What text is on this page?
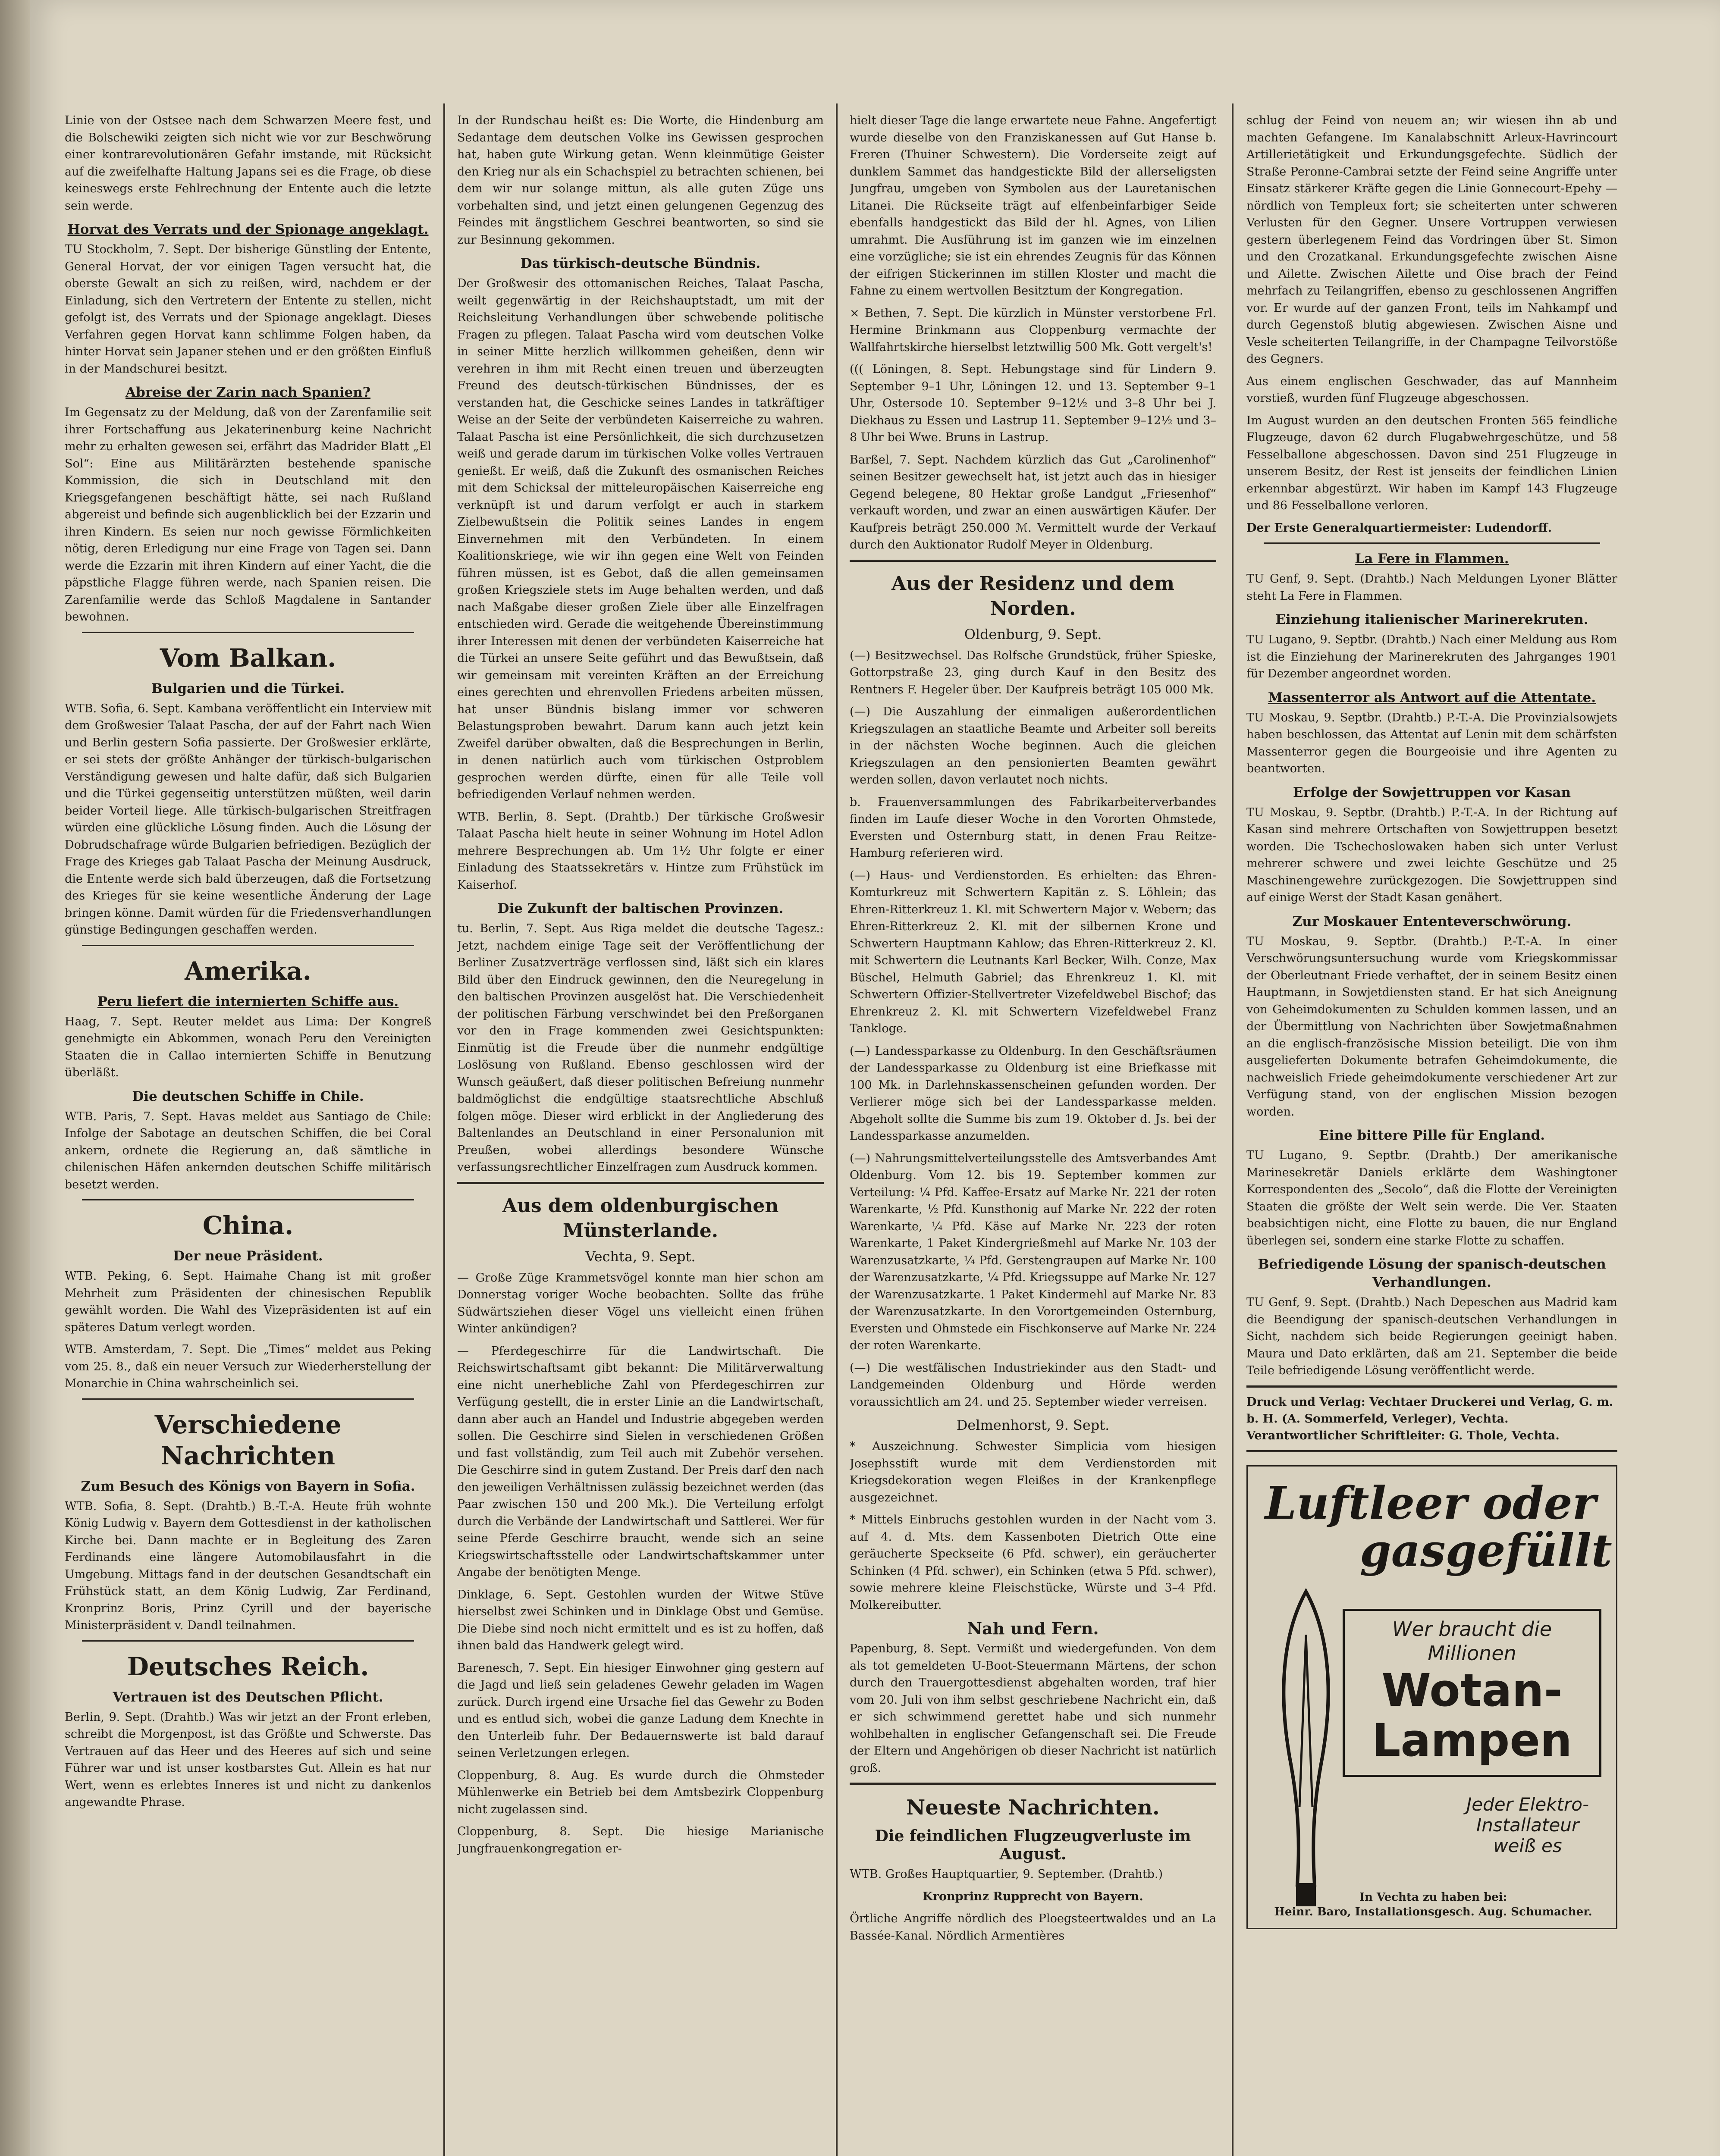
Linie von der Ostsee nach dem Schwarzen Meere fest, und die Bolschewiki zeigten sich nicht wie vor zur Beschwörung einer kontrarevolutionären Gefahr imstande, mit Rücksicht auf die zweifelhafte Haltung Japans sei es die Frage, ob diese keineswegs erste Fehlrechnung der Entente auch die letzte sein werde.

Horvat des Verrats und der Spionage angeklagt.

TU Stockholm, 7. Sept. Der bisherige Günstling der Entente, General Horvat, der vor einigen Tagen versucht hat, die oberste Gewalt an sich zu reißen, wird, nachdem er der Einladung, sich den Vertretern der Entente zu stellen, nicht gefolgt ist, des Verrats und der Spionage angeklagt. Dieses Verfahren gegen Horvat kann schlimme Folgen haben, da hinter Horvat sein Japaner stehen und er den größten Einfluß in der Mandschurei besitzt.

Abreise der Zarin nach Spanien?

Im Gegensatz zu der Meldung, daß von der Zarenfamilie seit ihrer Fortschaffung aus Jekaterinenburg keine Nachricht mehr zu erhalten gewesen sei, erfährt das Madrider Blatt „El Sol“: Eine aus Militärärzten bestehende spanische Kommission, die sich in Deutschland mit den Kriegsgefangenen beschäftigt hätte, sei nach Rußland abgereist und befinde sich augenblicklich bei der Ezzarin und ihren Kindern. Es seien nur noch gewisse Förmlichkeiten nötig, deren Erledigung nur eine Frage von Tagen sei. Dann werde die Ezzarin mit ihren Kindern auf einer Yacht, die die päpstliche Flagge führen werde, nach Spanien reisen. Die Zarenfamilie werde das Schloß Magdalene in Santander bewohnen.

Vom Balkan.
Bulgarien und die Türkei.

WTB. Sofia, 6. Sept. Kambana veröffentlicht ein Interview mit dem Großwesier Talaat Pascha, der auf der Fahrt nach Wien und Berlin gestern Sofia passierte. Der Großwesier erklärte, er sei stets der größte Anhänger der türkisch-bulgarischen Verständigung gewesen und halte dafür, daß sich Bulgarien und die Türkei gegenseitig unterstützen müßten, weil darin beider Vorteil liege. Alle türkisch-bulgarischen Streitfragen würden eine glückliche Lösung finden. Auch die Lösung der Dobrudschafrage würde Bulgarien befriedigen. Bezüglich der Frage des Krieges gab Talaat Pascha der Meinung Ausdruck, die Entente werde sich bald überzeugen, daß die Fortsetzung des Krieges für sie keine wesentliche Änderung der Lage bringen könne. Damit würden für die Friedensverhandlungen günstige Bedingungen geschaffen werden.

Amerika.
Peru liefert die internierten Schiffe aus.

Haag, 7. Sept. Reuter meldet aus Lima: Der Kongreß genehmigte ein Abkommen, wonach Peru den Vereinigten Staaten die in Callao internierten Schiffe in Benutzung überläßt.

Die deutschen Schiffe in Chile.

WTB. Paris, 7. Sept. Havas meldet aus Santiago de Chile: Infolge der Sabotage an deutschen Schiffen, die bei Coral ankern, ordnete die Regierung an, daß sämtliche in chilenischen Häfen ankernden deutschen Schiffe militärisch besetzt werden.

China.
Der neue Präsident.

WTB. Peking, 6. Sept. Haimahe Chang ist mit großer Mehrheit zum Präsidenten der chinesischen Republik gewählt worden. Die Wahl des Vizepräsidenten ist auf ein späteres Datum verlegt worden.

WTB. Amsterdam, 7. Sept. Die „Times“ meldet aus Peking vom 25. 8., daß ein neuer Versuch zur Wiederherstellung der Monarchie in China wahrscheinlich sei.

Verschiedene Nachrichten
Zum Besuch des Königs von Bayern in Sofia.

WTB. Sofia, 8. Sept. (Drahtb.) B.-T.-A. Heute früh wohnte König Ludwig v. Bayern dem Gottesdienst in der katholischen Kirche bei. Dann machte er in Begleitung des Zaren Ferdinands eine längere Automobilausfahrt in die Umgebung. Mittags fand in der deutschen Gesandtschaft ein Frühstück statt, an dem König Ludwig, Zar Ferdinand, Kronprinz Boris, Prinz Cyrill und der bayerische Ministerpräsident v. Dandl teilnahmen.

Deutsches Reich.
Vertrauen ist des Deutschen Pflicht.

Berlin, 9. Sept. (Drahtb.) Was wir jetzt an der Front erleben, schreibt die Morgenpost, ist das Größte und Schwerste. Das Vertrauen auf das Heer und des Heeres auf sich und seine Führer war und ist unser kostbarstes Gut. Allein es hat nur Wert, wenn es erlebtes Inneres ist und nicht zu dankenlos angewandte Phrase.

In der Rundschau heißt es: Die Worte, die Hindenburg am Sedantage dem deutschen Volke ins Gewissen gesprochen hat, haben gute Wirkung getan. Wenn kleinmütige Geister den Krieg nur als ein Schachspiel zu betrachten schienen, bei dem wir nur solange mittun, als alle guten Züge uns vorbehalten sind, und jetzt einen gelungenen Gegenzug des Feindes mit ängstlichem Geschrei beantworten, so sind sie zur Besinnung gekommen.

Das türkisch-deutsche Bündnis.

Der Großwesir des ottomanischen Reiches, Talaat Pascha, weilt gegenwärtig in der Reichshauptstadt, um mit der Reichsleitung Verhandlungen über schwebende politische Fragen zu pflegen. Talaat Pascha wird vom deutschen Volke in seiner Mitte herzlich willkommen geheißen, denn wir verehren in ihm mit Recht einen treuen und überzeugten Freund des deutsch-türkischen Bündnisses, der es verstanden hat, die Geschicke seines Landes in tatkräftiger Weise an der Seite der verbündeten Kaiserreiche zu wahren. Talaat Pascha ist eine Persönlichkeit, die sich durchzusetzen weiß und gerade darum im türkischen Volke volles Vertrauen genießt. Er weiß, daß die Zukunft des osmanischen Reiches mit dem Schicksal der mitteleuropäischen Kaiserreiche eng verknüpft ist und darum verfolgt er auch in starkem Zielbewußtsein die Politik seines Landes in engem Einvernehmen mit den Verbündeten. In einem Koalitionskriege, wie wir ihn gegen eine Welt von Feinden führen müssen, ist es Gebot, daß die allen gemeinsamen großen Kriegsziele stets im Auge behalten werden, und daß nach Maßgabe dieser großen Ziele über alle Einzelfragen entschieden wird. Gerade die weitgehende Übereinstimmung ihrer Interessen mit denen der verbündeten Kaiserreiche hat die Türkei an unsere Seite geführt und das Bewußtsein, daß wir gemeinsam mit vereinten Kräften an der Erreichung eines gerechten und ehrenvollen Friedens arbeiten müssen, hat unser Bündnis bislang immer vor schweren Belastungsproben bewahrt. Darum kann auch jetzt kein Zweifel darüber obwalten, daß die Besprechungen in Berlin, in denen natürlich auch vom türkischen Ostproblem gesprochen werden dürfte, einen für alle Teile voll befriedigenden Verlauf nehmen werden.

WTB. Berlin, 8. Sept. (Drahtb.) Der türkische Großwesir Talaat Pascha hielt heute in seiner Wohnung im Hotel Adlon mehrere Besprechungen ab. Um 1½ Uhr folgte er einer Einladung des Staatssekretärs v. Hintze zum Frühstück im Kaiserhof.

Die Zukunft der baltischen Provinzen.

tu. Berlin, 7. Sept. Aus Riga meldet die deutsche Tagesz.: Jetzt, nachdem einige Tage seit der Veröffentlichung der Berliner Zusatzverträge verflossen sind, läßt sich ein klares Bild über den Eindruck gewinnen, den die Neuregelung in den baltischen Provinzen ausgelöst hat. Die Verschiedenheit der politischen Färbung verschwindet bei den Preßorganen vor den in Frage kommenden zwei Gesichtspunkten: Einmütig ist die Freude über die nunmehr endgültige Loslösung von Rußland. Ebenso geschlossen wird der Wunsch geäußert, daß dieser politischen Befreiung nunmehr baldmöglichst die endgültige staatsrechtliche Abschluß folgen möge. Dieser wird erblickt in der Angliederung des Baltenlandes an Deutschland in einer Personalunion mit Preußen, wobei allerdings besondere Wünsche verfassungsrechtlicher Einzelfragen zum Ausdruck kommen.

Aus dem oldenburgischen Münsterlande.
Vechta, 9. Sept.

— Große Züge Krammetsvögel konnte man hier schon am Donnerstag voriger Woche beobachten. Sollte das frühe Südwärtsziehen dieser Vögel uns vielleicht einen frühen Winter ankündigen?

— Pferdegeschirre für die Landwirtschaft. Die Reichswirtschaftsamt gibt bekannt: Die Militärverwaltung eine nicht unerhebliche Zahl von Pferdegeschirren zur Verfügung gestellt, die in erster Linie an die Landwirtschaft, dann aber auch an Handel und Industrie abgegeben werden sollen. Die Geschirre sind Sielen in verschiedenen Größen und fast vollständig, zum Teil auch mit Zubehör versehen. Die Geschirre sind in gutem Zustand. Der Preis darf den nach den jeweiligen Verhältnissen zulässig bezeichnet werden (das Paar zwischen 150 und 200 Mk.). Die Verteilung erfolgt durch die Verbände der Landwirtschaft und Sattlerei. Wer für seine Pferde Geschirre braucht, wende sich an seine Kriegswirtschaftsstelle oder Landwirtschaftskammer unter Angabe der benötigten Menge.

Dinklage, 6. Sept. Gestohlen wurden der Witwe Stüve hierselbst zwei Schinken und in Dinklage Obst und Gemüse. Die Diebe sind noch nicht ermittelt und es ist zu hoffen, daß ihnen bald das Handwerk gelegt wird.

Barenesch, 7. Sept. Ein hiesiger Einwohner ging gestern auf die Jagd und ließ sein geladenes Gewehr geladen im Wagen zurück. Durch irgend eine Ursache fiel das Gewehr zu Boden und es entlud sich, wobei die ganze Ladung dem Knechte in den Unterleib fuhr. Der Bedauernswerte ist bald darauf seinen Verletzungen erlegen.

Cloppenburg, 8. Aug. Es wurde durch die Ohmsteder Mühlenwerke ein Betrieb bei dem Amtsbezirk Cloppenburg nicht zugelassen sind.

Cloppenburg, 8. Sept. Die hiesige Marianische Jungfrauenkongregation er-

hielt dieser Tage die lange erwartete neue Fahne. Angefertigt wurde dieselbe von den Franziskanessen auf Gut Hanse b. Freren (Thuiner Schwestern). Die Vorderseite zeigt auf dunklem Sammet das handgestickte Bild der allerseligsten Jungfrau, umgeben von Symbolen aus der Lauretanischen Litanei. Die Rückseite trägt auf elfenbeinfarbiger Seide ebenfalls handgestickt das Bild der hl. Agnes, von Lilien umrahmt. Die Ausführung ist im ganzen wie im einzelnen eine vorzügliche; sie ist ein ehrendes Zeugnis für das Können der eifrigen Stickerinnen im stillen Kloster und macht die Fahne zu einem wertvollen Besitztum der Kongregation.

× Bethen, 7. Sept. Die kürzlich in Münster verstorbene Frl. Hermine Brinkmann aus Cloppenburg vermachte der Wallfahrtskirche hierselbst letztwillig 500 Mk. Gott vergelt's!

((( Löningen, 8. Sept. Hebungstage sind für Lindern 9. September 9–1 Uhr, Löningen 12. und 13. September 9–1 Uhr, Ostersode 10. September 9–12½ und 3–8 Uhr bei J. Diekhaus zu Essen und Lastrup 11. September 9–12½ und 3–8 Uhr bei Wwe. Bruns in Lastrup.

Barßel, 7. Sept. Nachdem kürzlich das Gut „Carolinenhof“ seinen Besitzer gewechselt hat, ist jetzt auch das in hiesiger Gegend belegene, 80 Hektar große Landgut „Friesenhof“ verkauft worden, und zwar an einen auswärtigen Käufer. Der Kaufpreis beträgt 250.000 ℳ. Vermittelt wurde der Verkauf durch den Auktionator Rudolf Meyer in Oldenburg.

Aus der Residenz und dem Norden.
Oldenburg, 9. Sept.

(—) Besitzwechsel. Das Rolfsche Grundstück, früher Spieske, Gottorpstraße 23, ging durch Kauf in den Besitz des Rentners F. Hegeler über. Der Kaufpreis beträgt 105 000 Mk.

(—) Die Auszahlung der einmaligen außerordentlichen Kriegszulagen an staatliche Beamte und Arbeiter soll bereits in der nächsten Woche beginnen. Auch die gleichen Kriegszulagen an den pensionierten Beamten gewährt werden sollen, davon verlautet noch nichts.

b. Frauenversammlungen des Fabrikarbeiterverbandes finden im Laufe dieser Woche in den Vororten Ohmstede, Eversten und Osternburg statt, in denen Frau Reitze-Hamburg referieren wird.

(—) Haus- und Verdienstorden. Es erhielten: das Ehren-Komturkreuz mit Schwertern Kapitän z. S. Löhlein; das Ehren-Ritterkreuz 1. Kl. mit Schwertern Major v. Webern; das Ehren-Ritterkreuz 2. Kl. mit der silbernen Krone und Schwertern Hauptmann Kahlow; das Ehren-Ritterkreuz 2. Kl. mit Schwertern die Leutnants Karl Becker, Wilh. Conze, Max Büschel, Helmuth Gabriel; das Ehrenkreuz 1. Kl. mit Schwertern Offizier-Stellvertreter Vizefeldwebel Bischof; das Ehrenkreuz 2. Kl. mit Schwertern Vizefeldwebel Franz Tankloge.

(—) Landessparkasse zu Oldenburg. In den Geschäftsräumen der Landessparkasse zu Oldenburg ist eine Briefkasse mit 100 Mk. in Darlehnskassenscheinen gefunden worden. Der Verlierer möge sich bei der Landessparkasse melden. Abgeholt sollte die Summe bis zum 19. Oktober d. Js. bei der Landessparkasse anzumelden.

(—) Nahrungsmittelverteilungsstelle des Amtsverbandes Amt Oldenburg. Vom 12. bis 19. September kommen zur Verteilung: ¼ Pfd. Kaffee-Ersatz auf Marke Nr. 221 der roten Warenkarte, ½ Pfd. Kunsthonig auf Marke Nr. 222 der roten Warenkarte, ¼ Pfd. Käse auf Marke Nr. 223 der roten Warenkarte, 1 Paket Kindergrießmehl auf Marke Nr. 103 der Warenzusatzkarte, ¼ Pfd. Gerstengraupen auf Marke Nr. 100 der Warenzusatzkarte, ¼ Pfd. Kriegssuppe auf Marke Nr. 127 der Warenzusatzkarte. 1 Paket Kindermehl auf Marke Nr. 83 der Warenzusatzkarte. In den Vorortgemeinden Osternburg, Eversten und Ohmstede ein Fischkonserve auf Marke Nr. 224 der roten Warenkarte.

(—) Die westfälischen Industriekinder aus den Stadt- und Landgemeinden Oldenburg und Hörde werden voraussichtlich am 24. und 25. September wieder verreisen.

Delmenhorst, 9. Sept.

* Auszeichnung. Schwester Simplicia vom hiesigen Josephsstift wurde mit dem Verdienstorden mit Kriegsdekoration wegen Fleißes in der Krankenpflege ausgezeichnet.

* Mittels Einbruchs gestohlen wurden in der Nacht vom 3. auf 4. d. Mts. dem Kassenboten Dietrich Otte eine geräucherte Speckseite (6 Pfd. schwer), ein geräucherter Schinken (4 Pfd. schwer), ein Schinken (etwa 5 Pfd. schwer), sowie mehrere kleine Fleischstücke, Würste und 3–4 Pfd. Molkereibutter.

Nah und Fern.

Papenburg, 8. Sept. Vermißt und wiedergefunden. Von dem als tot gemeldeten U-Boot-Steuermann Märtens, der schon durch den Trauergottesdienst abgehalten worden, traf hier vom 20. Juli von ihm selbst geschriebene Nachricht ein, daß er sich schwimmend gerettet habe und sich nunmehr wohlbehalten in englischer Gefangenschaft sei. Die Freude der Eltern und Angehörigen ob dieser Nachricht ist natürlich groß.

Neueste Nachrichten.
Die feindlichen Flugzeugverluste im August.

WTB. Großes Hauptquartier, 9. September. (Drahtb.)

Kronprinz Rupprecht von Bayern.

Örtliche Angriffe nördlich des Ploegsteertwaldes und an La Bassée-Kanal. Nördlich Armentières

schlug der Feind von neuem an; wir wiesen ihn ab und machten Gefangene. Im Kanalabschnitt Arleux-Havrincourt Artillerietätigkeit und Erkundungsgefechte. Südlich der Straße Peronne-Cambrai setzte der Feind seine Angriffe unter Einsatz stärkerer Kräfte gegen die Linie Gonnecourt-Epehy — nördlich von Templeux fort; sie scheiterten unter schweren Verlusten für den Gegner. Unsere Vortruppen verwiesen gestern überlegenem Feind das Vordringen über St. Simon und den Crozatkanal. Erkundungsgefechte zwischen Aisne und Ailette. Zwischen Ailette und Oise brach der Feind mehrfach zu Teilangriffen, ebenso zu geschlossenen Angriffen vor. Er wurde auf der ganzen Front, teils im Nahkampf und durch Gegenstoß blutig abgewiesen. Zwischen Aisne und Vesle scheiterten Teilangriffe, in der Champagne Teilvorstöße des Gegners.

Aus einem englischen Geschwader, das auf Mannheim vorstieß, wurden fünf Flugzeuge abgeschossen.

Im August wurden an den deutschen Fronten 565 feindliche Flugzeuge, davon 62 durch Flugabwehrgeschütze, und 58 Fesselballone abgeschossen. Davon sind 251 Flugzeuge in unserem Besitz, der Rest ist jenseits der feindlichen Linien erkennbar abgestürzt. Wir haben im Kampf 143 Flugzeuge und 86 Fesselballone verloren.

Der Erste Generalquartiermeister: Ludendorff.

La Fere in Flammen.

TU Genf, 9. Sept. (Drahtb.) Nach Meldungen Lyoner Blätter steht La Fere in Flammen.

Einziehung italienischer Marinerekruten.

TU Lugano, 9. Septbr. (Drahtb.) Nach einer Meldung aus Rom ist die Einziehung der Marinerekruten des Jahrganges 1901 für Dezember angeordnet worden.

Massenterror als Antwort auf die Attentate.

TU Moskau, 9. Septbr. (Drahtb.) P.-T.-A. Die Provinzialsowjets haben beschlossen, das Attentat auf Lenin mit dem schärfsten Massenterror gegen die Bourgeoisie und ihre Agenten zu beantworten.

Erfolge der Sowjettruppen vor Kasan

TU Moskau, 9. Septbr. (Drahtb.) P.-T.-A. In der Richtung auf Kasan sind mehrere Ortschaften von Sowjettruppen besetzt worden. Die Tschechoslowaken haben sich unter Verlust mehrerer schwere und zwei leichte Geschütze und 25 Maschinengewehre zurückgezogen. Die Sowjettruppen sind auf einige Werst der Stadt Kasan genähert.

Zur Moskauer Ententeverschwörung.

TU Moskau, 9. Septbr. (Drahtb.) P.-T.-A. In einer Verschwörungsuntersuchung wurde vom Kriegskommissar der Oberleutnant Friede verhaftet, der in seinem Besitz einen Hauptmann, in Sowjetdiensten stand. Er hat sich Aneignung von Geheimdokumenten zu Schulden kommen lassen, und an der Übermittlung von Nachrichten über Sowjetmaßnahmen an die englisch-französische Mission beteiligt. Die von ihm ausgelieferten Dokumente betrafen Geheimdokumente, die nachweislich Friede geheimdokumente verschiedener Art zur Verfügung stand, von der englischen Mission bezogen worden.

Eine bittere Pille für England.

TU Lugano, 9. Septbr. (Drahtb.) Der amerikanische Marinesekretär Daniels erklärte dem Washingtoner Korrespondenten des „Secolo“, daß die Flotte der Vereinigten Staaten die größte der Welt sein werde. Die Ver. Staaten beabsichtigen nicht, eine Flotte zu bauen, die nur England überlegen sei, sondern eine starke Flotte zu schaffen.

Befriedigende Lösung der spanisch-deutschen Verhandlungen.

TU Genf, 9. Sept. (Drahtb.) Nach Depeschen aus Madrid kam die Beendigung der spanisch-deutschen Verhandlungen in Sicht, nachdem sich beide Regierungen geeinigt haben. Maura und Dato erklärten, daß am 21. September die beide Teile befriedigende Lösung veröffentlicht werde.

Druck und Verlag: Vechtaer Druckerei und Verlag, G. m. b. H. (A. Sommerfeld, Verleger), Vechta. Verantwortlicher Schriftleiter: G. Thole, Vechta.
Luftleer oder
gasgefüllt
Wer braucht die Millionen
Wotan-
Lampen
Jeder Elektro-Installateur weiß es
In Vechta zu haben bei:
Heinr. Baro, Installationsgesch. Aug. Schumacher.
